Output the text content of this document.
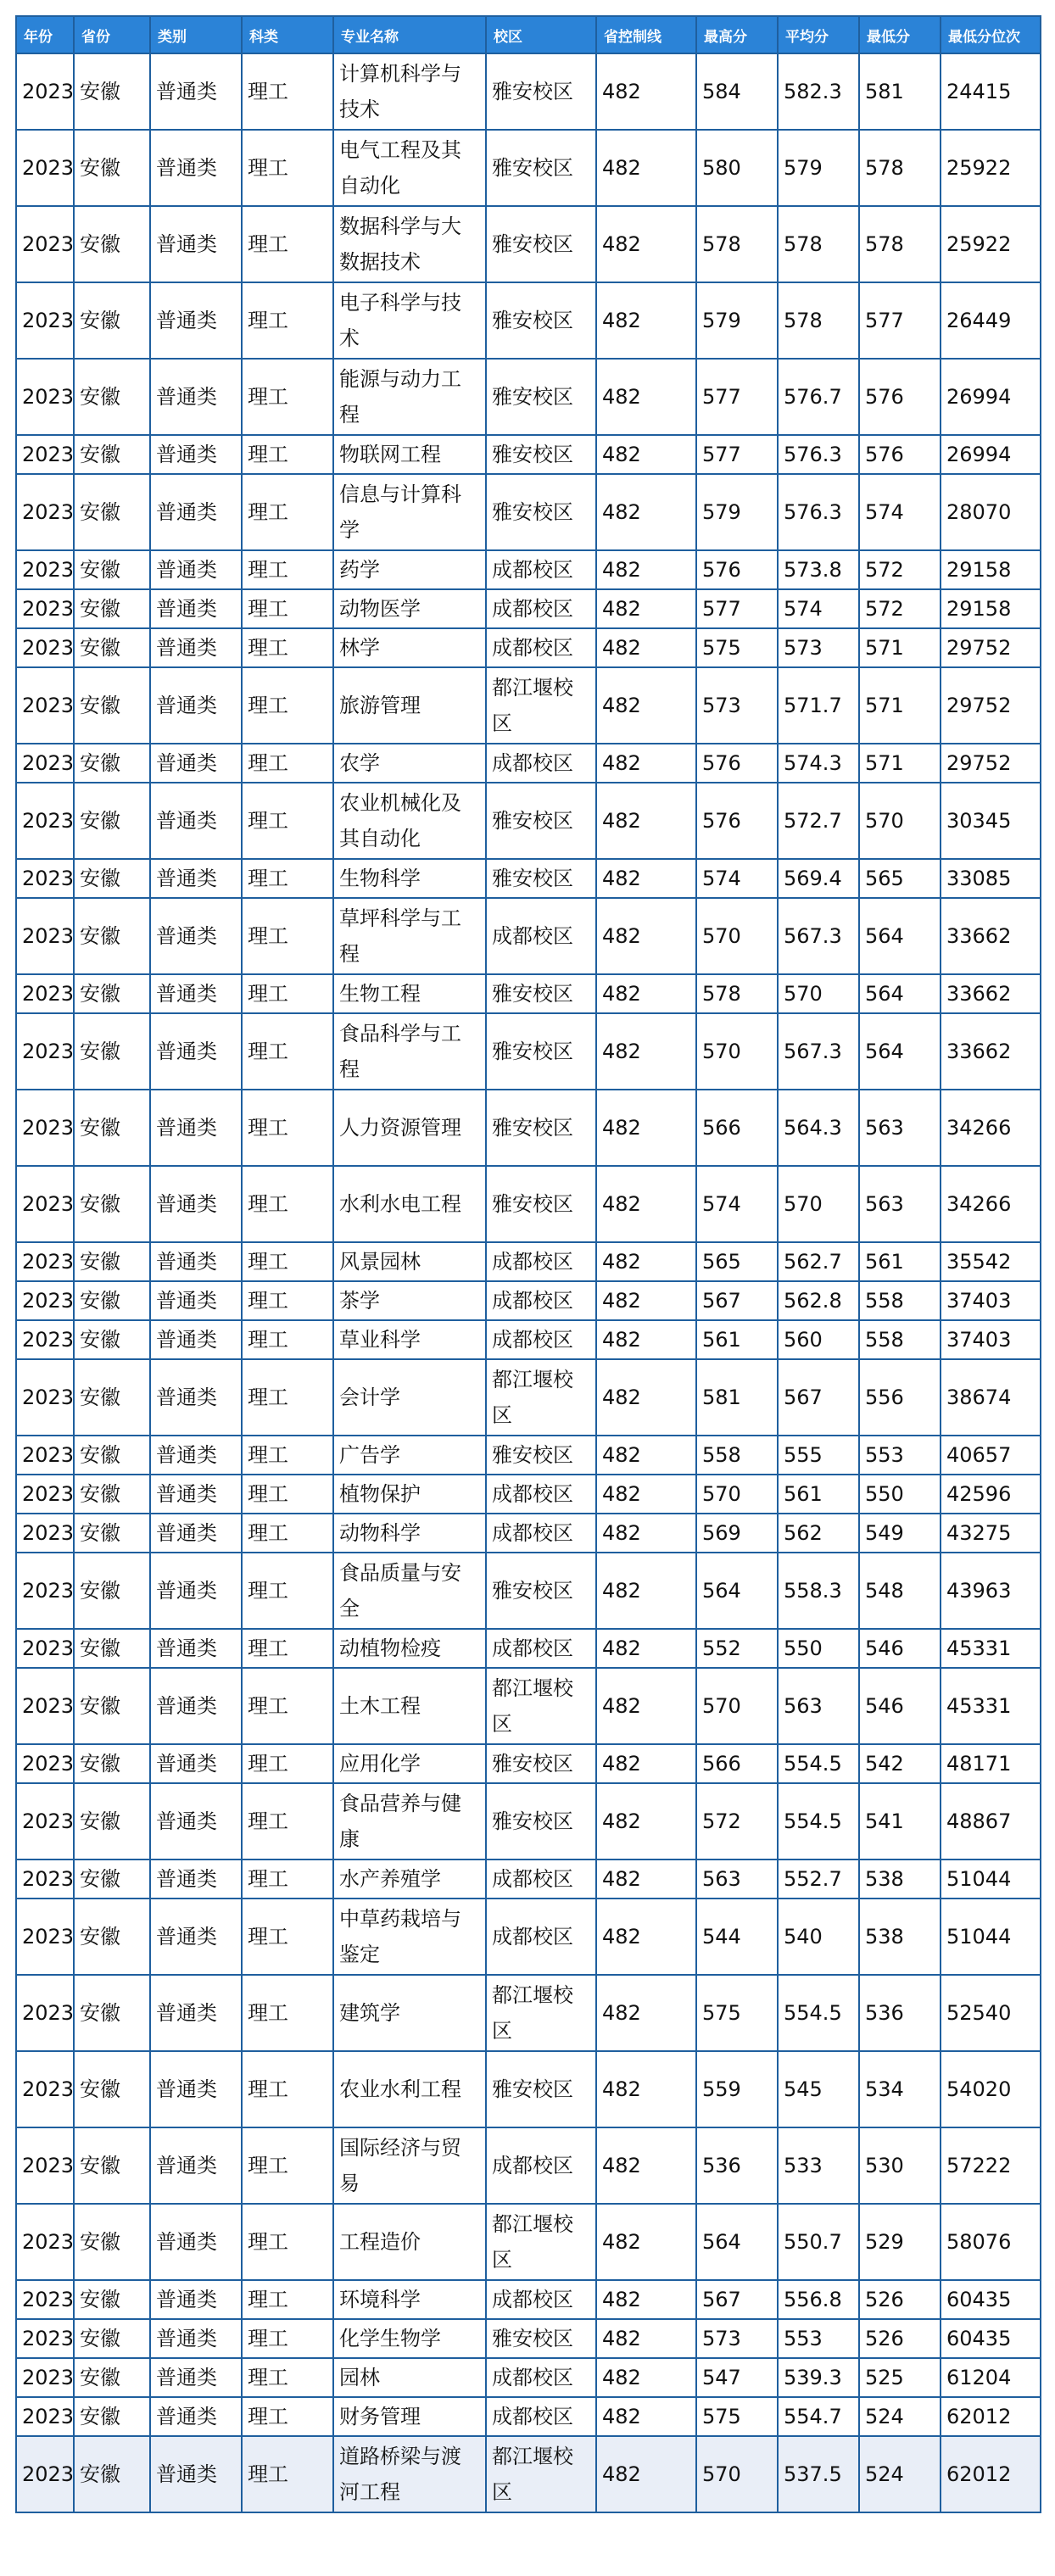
年份	省份	类别	科类	专业名称	校区	省控制线	最高分	平均分	最低分	最低分位次
2023	安徽	普通类	理工	计算机科学与技术	雅安校区	482	584	582.3	581	24415
2023	安徽	普通类	理工	电气工程及其自动化	雅安校区	482	580	579	578	25922
2023	安徽	普通类	理工	数据科学与大数据技术	雅安校区	482	578	578	578	25922
2023	安徽	普通类	理工	电子科学与技术	雅安校区	482	579	578	577	26449
2023	安徽	普通类	理工	能源与动力工程	雅安校区	482	577	576.7	576	26994
2023	安徽	普通类	理工	物联网工程	雅安校区	482	577	576.3	576	26994
2023	安徽	普通类	理工	信息与计算科学	雅安校区	482	579	576.3	574	28070
2023	安徽	普通类	理工	药学	成都校区	482	576	573.8	572	29158
2023	安徽	普通类	理工	动物医学	成都校区	482	577	574	572	29158
2023	安徽	普通类	理工	林学	成都校区	482	575	573	571	29752
2023	安徽	普通类	理工	旅游管理	都江堰校区	482	573	571.7	571	29752
2023	安徽	普通类	理工	农学	成都校区	482	576	574.3	571	29752
2023	安徽	普通类	理工	农业机械化及其自动化	雅安校区	482	576	572.7	570	30345
2023	安徽	普通类	理工	生物科学	雅安校区	482	574	569.4	565	33085
2023	安徽	普通类	理工	草坪科学与工程	成都校区	482	570	567.3	564	33662
2023	安徽	普通类	理工	生物工程	雅安校区	482	578	570	564	33662
2023	安徽	普通类	理工	食品科学与工程	雅安校区	482	570	567.3	564	33662
2023	安徽	普通类	理工	人力资源管理	雅安校区	482	566	564.3	563	34266
2023	安徽	普通类	理工	水利水电工程	雅安校区	482	574	570	563	34266
2023	安徽	普通类	理工	风景园林	成都校区	482	565	562.7	561	35542
2023	安徽	普通类	理工	茶学	成都校区	482	567	562.8	558	37403
2023	安徽	普通类	理工	草业科学	成都校区	482	561	560	558	37403
2023	安徽	普通类	理工	会计学	都江堰校区	482	581	567	556	38674
2023	安徽	普通类	理工	广告学	雅安校区	482	558	555	553	40657
2023	安徽	普通类	理工	植物保护	成都校区	482	570	561	550	42596
2023	安徽	普通类	理工	动物科学	成都校区	482	569	562	549	43275
2023	安徽	普通类	理工	食品质量与安全	雅安校区	482	564	558.3	548	43963
2023	安徽	普通类	理工	动植物检疫	成都校区	482	552	550	546	45331
2023	安徽	普通类	理工	土木工程	都江堰校区	482	570	563	546	45331
2023	安徽	普通类	理工	应用化学	雅安校区	482	566	554.5	542	48171
2023	安徽	普通类	理工	食品营养与健康	雅安校区	482	572	554.5	541	48867
2023	安徽	普通类	理工	水产养殖学	成都校区	482	563	552.7	538	51044
2023	安徽	普通类	理工	中草药栽培与鉴定	成都校区	482	544	540	538	51044
2023	安徽	普通类	理工	建筑学	都江堰校区	482	575	554.5	536	52540
2023	安徽	普通类	理工	农业水利工程	雅安校区	482	559	545	534	54020
2023	安徽	普通类	理工	国际经济与贸易	成都校区	482	536	533	530	57222
2023	安徽	普通类	理工	工程造价	都江堰校区	482	564	550.7	529	58076
2023	安徽	普通类	理工	环境科学	成都校区	482	567	556.8	526	60435
2023	安徽	普通类	理工	化学生物学	雅安校区	482	573	553	526	60435
2023	安徽	普通类	理工	园林	成都校区	482	547	539.3	525	61204
2023	安徽	普通类	理工	财务管理	成都校区	482	575	554.7	524	62012
2023	安徽	普通类	理工	道路桥梁与渡河工程	都江堰校区	482	570	537.5	524	62012
